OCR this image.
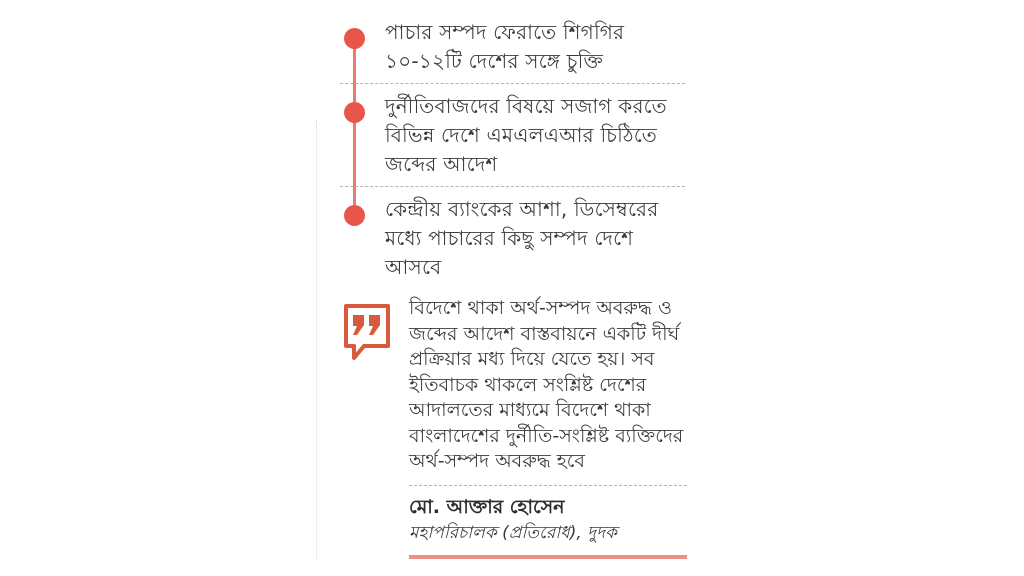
পাচার সম্পদ ফেরাতে শিগগির ১০-১২টি দেশের সঙ্গে চুক্তি
দুর্নীতিবাজদের বিষয়ে সজাগ করতে বিভিন্ন দেশে এমএলএআর চিঠিতে জব্দের আদেশ
কেন্দ্রীয় ব্যাংকের আশা, ডিসেম্বরের মধ্যে পাচারের কিছু সম্পদ দেশে আসবে
বিদেশে থাকা অর্থ-সম্পদ অবরুদ্ধ ও জব্দের আদেশ বাস্তবায়নে একটি দীর্ঘ প্রক্রিয়ার মধ্য দিয়ে যেতে হয়। সব ইতিবাচক থাকলে সংশ্লিষ্ট দেশের আদালতের মাধ্যমে বিদেশে থাকা বাংলাদেশের দুর্নীতি-সংশ্লিষ্ট ব্যক্তিদের অর্থ-সম্পদ অবরুদ্ধ হবে
মো. আক্তার হোসেন
মহাপরিচালক (প্রতিরোধ), দুদক
